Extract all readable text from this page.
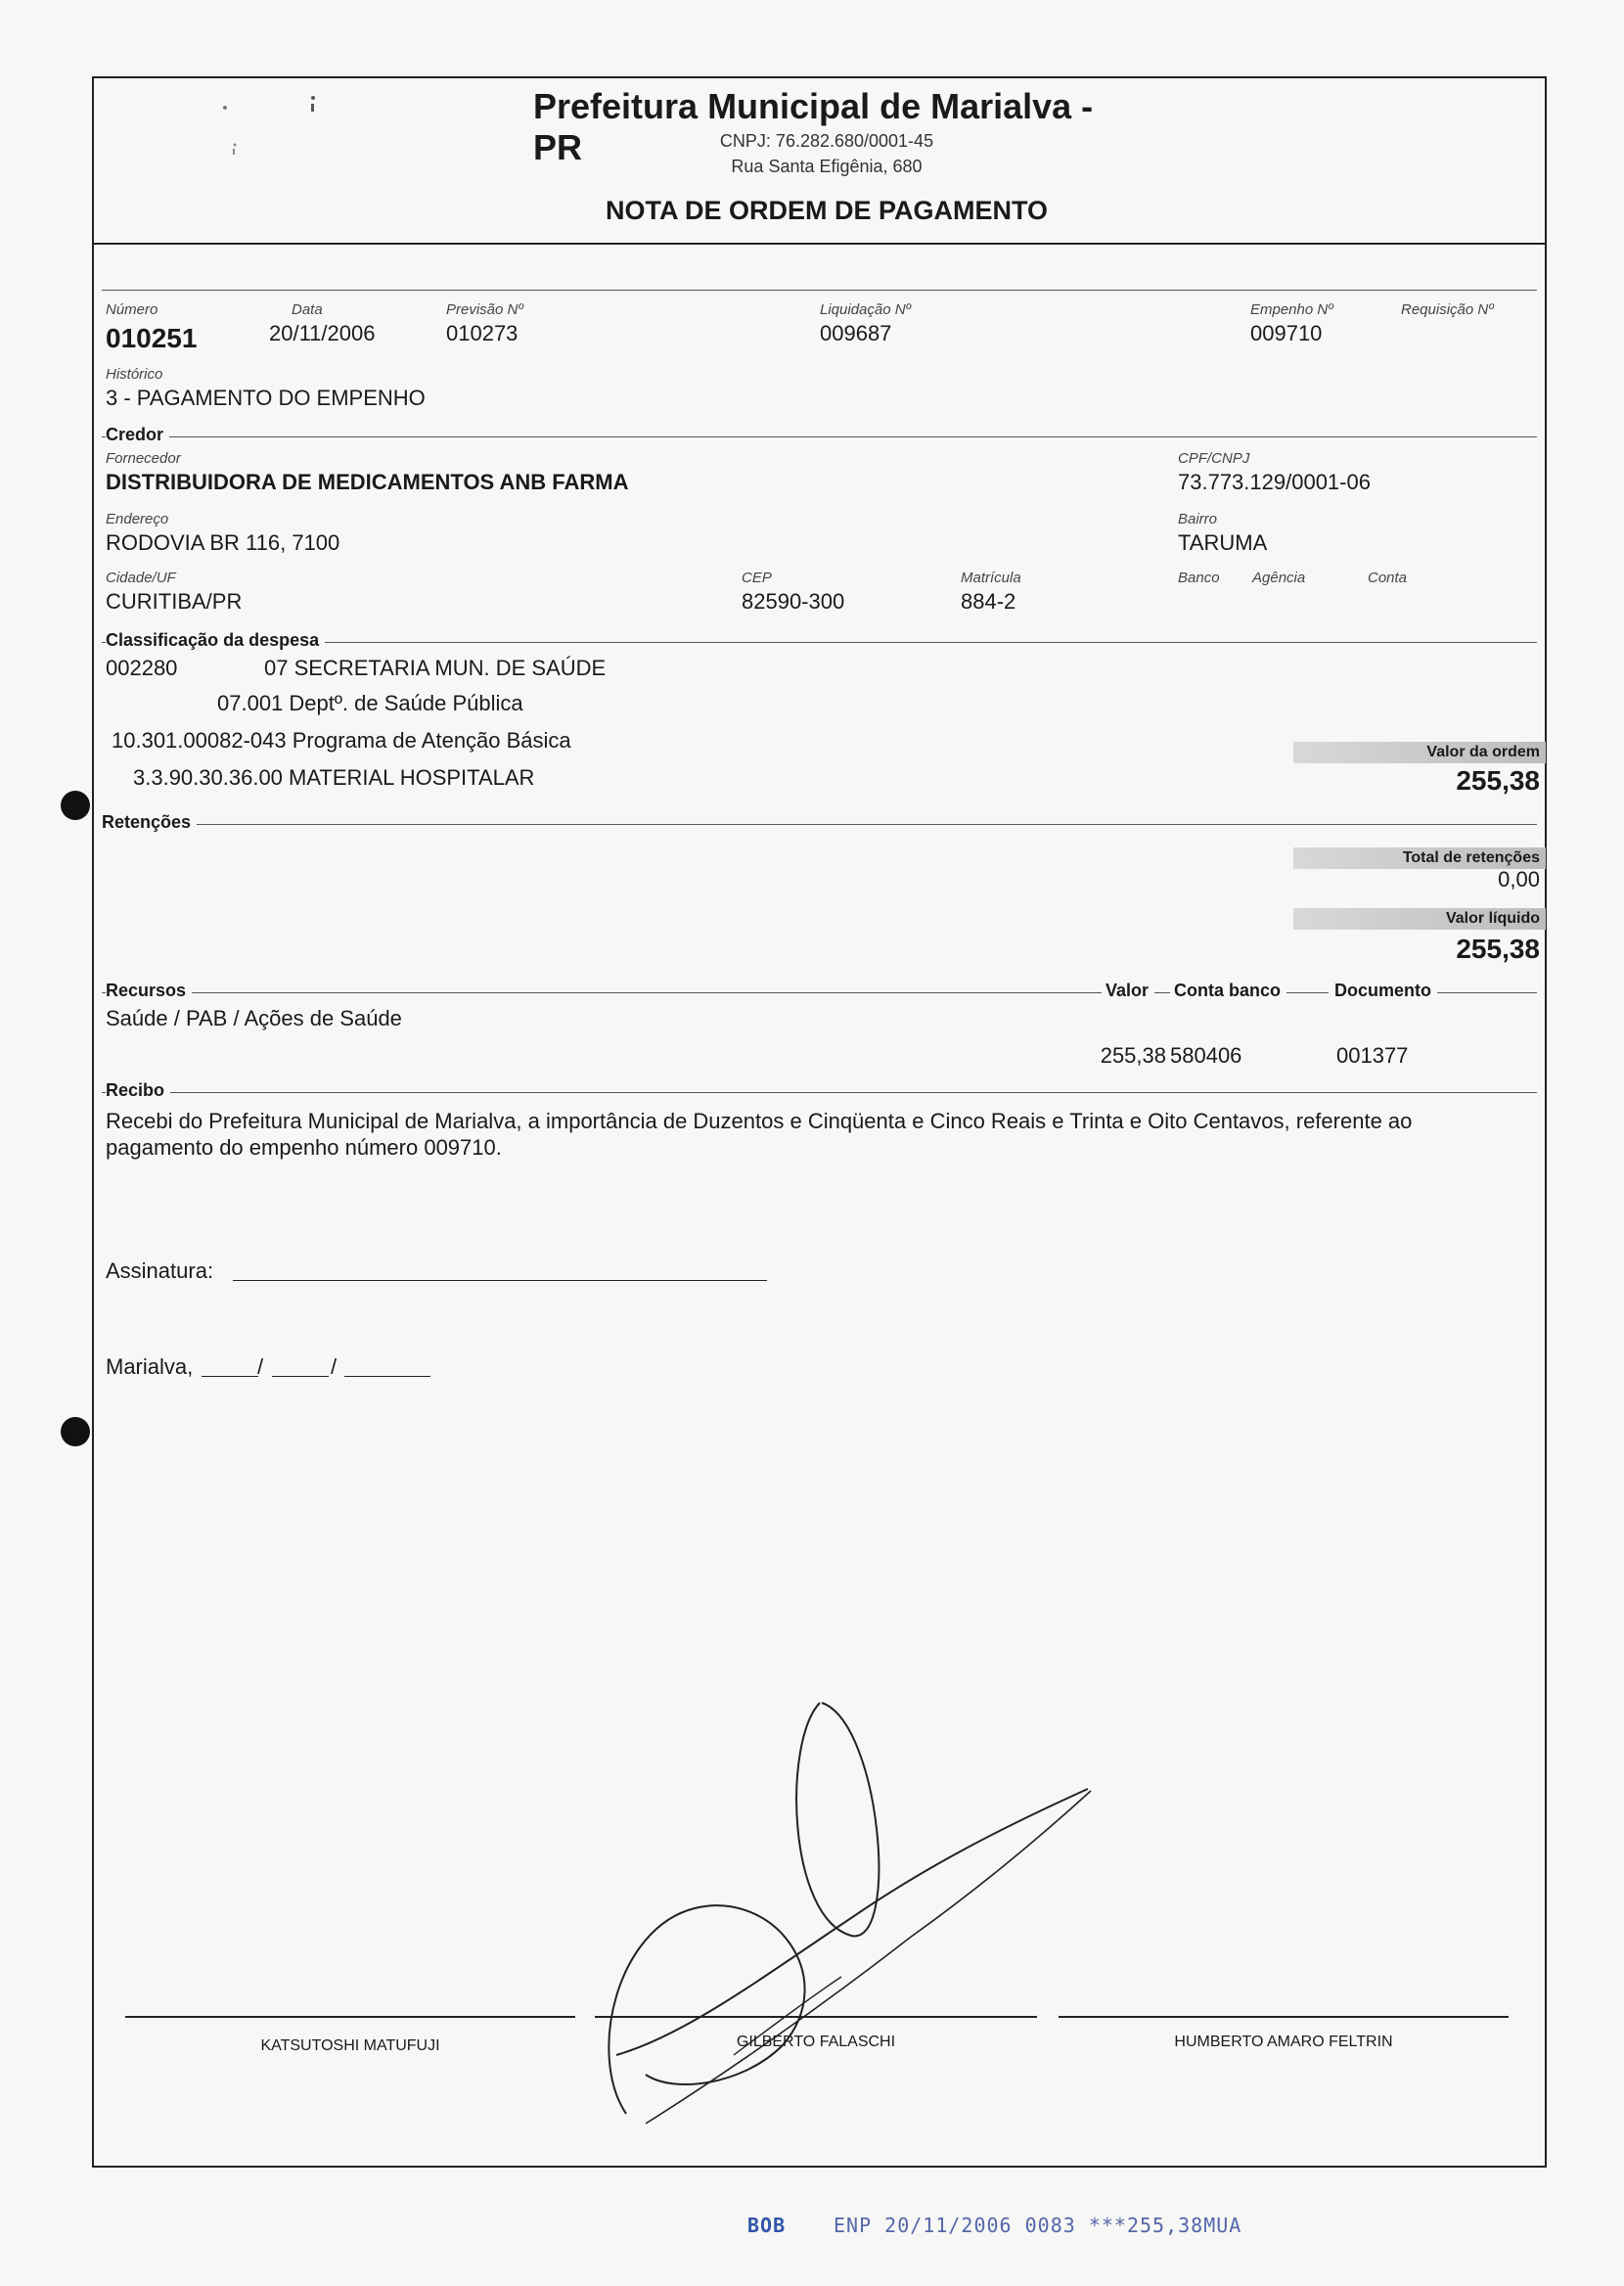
Prefeitura Municipal de Marialva - PR	CNPJ: 76.282.680/0001-45
Rua Santa Efigênia, 680
NOTA DE ORDEM DE PAGAMENTO
Número
010251
Data
20/11/2006
Previsão Nº
010273
Liquidação Nº
009687
Empenho Nº
009710
Requisição Nº
Histórico
3 - PAGAMENTO DO EMPENHO
Credor
Fornecedor
DISTRIBUIDORA DE MEDICAMENTOS ANB FARMA
CPF/CNPJ
73.773.129/0001-06
Endereço
RODOVIA BR 116, 7100
Bairro
TARUMA
Cidade/UF
CURITIBA/PR
CEP
82590-300
Matrícula
884-2
Banco Agência	Conta
Classificação da despesa
002280	07 SECRETARIA MUN. DE SAÚDE
07.001 Deptº. de Saúde Pública
10.301.00082-043 Programa de Atenção Básica
3.3.90.30.36.00 MATERIAL HOSPITALAR
Valor da ordem
255,38
Retenções
Total de retenções
0,00
Valor líquido
255,38
Recursos	Valor	Conta banco	Documento
Saúde / PAB / Ações de Saúde
255,38 580406	001377
Recibo
Recebi do Prefeitura Municipal de Marialva, a importância de Duzentos e Cinqüenta e Cinco Reais e Trinta e Oito Centavos, referente ao pagamento do empenho número 009710.
Assinatura:
Marialva,	/	/
KATSUTOSHI MATUFUJI	GILBERTO FALASCHI	HUMBERTO AMARO FELTRIN
BOB ENP 20/11/2006 0083 ***255,38MUA
